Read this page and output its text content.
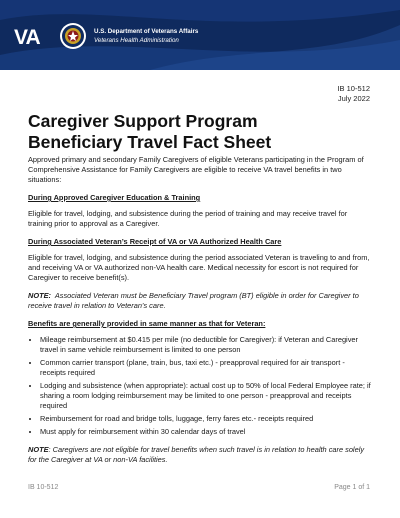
VA	U.S. Department of Veterans Affairs
Veterans Health Administration
IB 10-512
July 2022
Caregiver Support Program
Beneficiary Travel Fact Sheet

Approved primary and secondary Family Caregivers of eligible Veterans participating in the Program of Comprehensive Assistance for Family Caregivers are eligible to receive VA travel benefits in two situations:

During Approved Caregiver Education & Training

Eligible for travel, lodging, and subsistence during the period of training and may receive travel for training prior to approval as a Caregiver.

During Associated Veteran’s Receipt of VA or VA Authorized Health Care

Eligible for travel, lodging, and subsistence during the period associated Veteran is traveling to and from, and receiving VA or VA authorized non-VA health care. Medical necessity for escort is not required for Caregiver to receive benefit(s).

NOTE: Associated Veteran must be Beneficiary Travel program (BT) eligible in order for Caregiver to receive travel in relation to Veteran’s care.

Benefits are generally provided in same manner as that for Veteran:

• Mileage reimbursement at $0.415 per mile (no deductible for Caregiver): if Veteran and Caregiver travel in same vehicle reimbursement is limited to one person
• Common carrier transport (plane, train, bus, taxi etc.) - preapproval required for air transport - receipts required
• Lodging and subsistence (when appropriate): actual cost up to 50% of local Federal Employee rate; if sharing a room lodging reimbursement may be limited to one person - preapproval and receipts required
• Reimbursement for road and bridge tolls, luggage, ferry fares etc.- receipts required
• Must apply for reimbursement within 30 calendar days of travel

NOTE: Caregivers are not eligible for travel benefits when such travel is in relation to health care solely for the Caregiver at VA or non-VA facilities.

IB 10-512	Page 1 of 1
